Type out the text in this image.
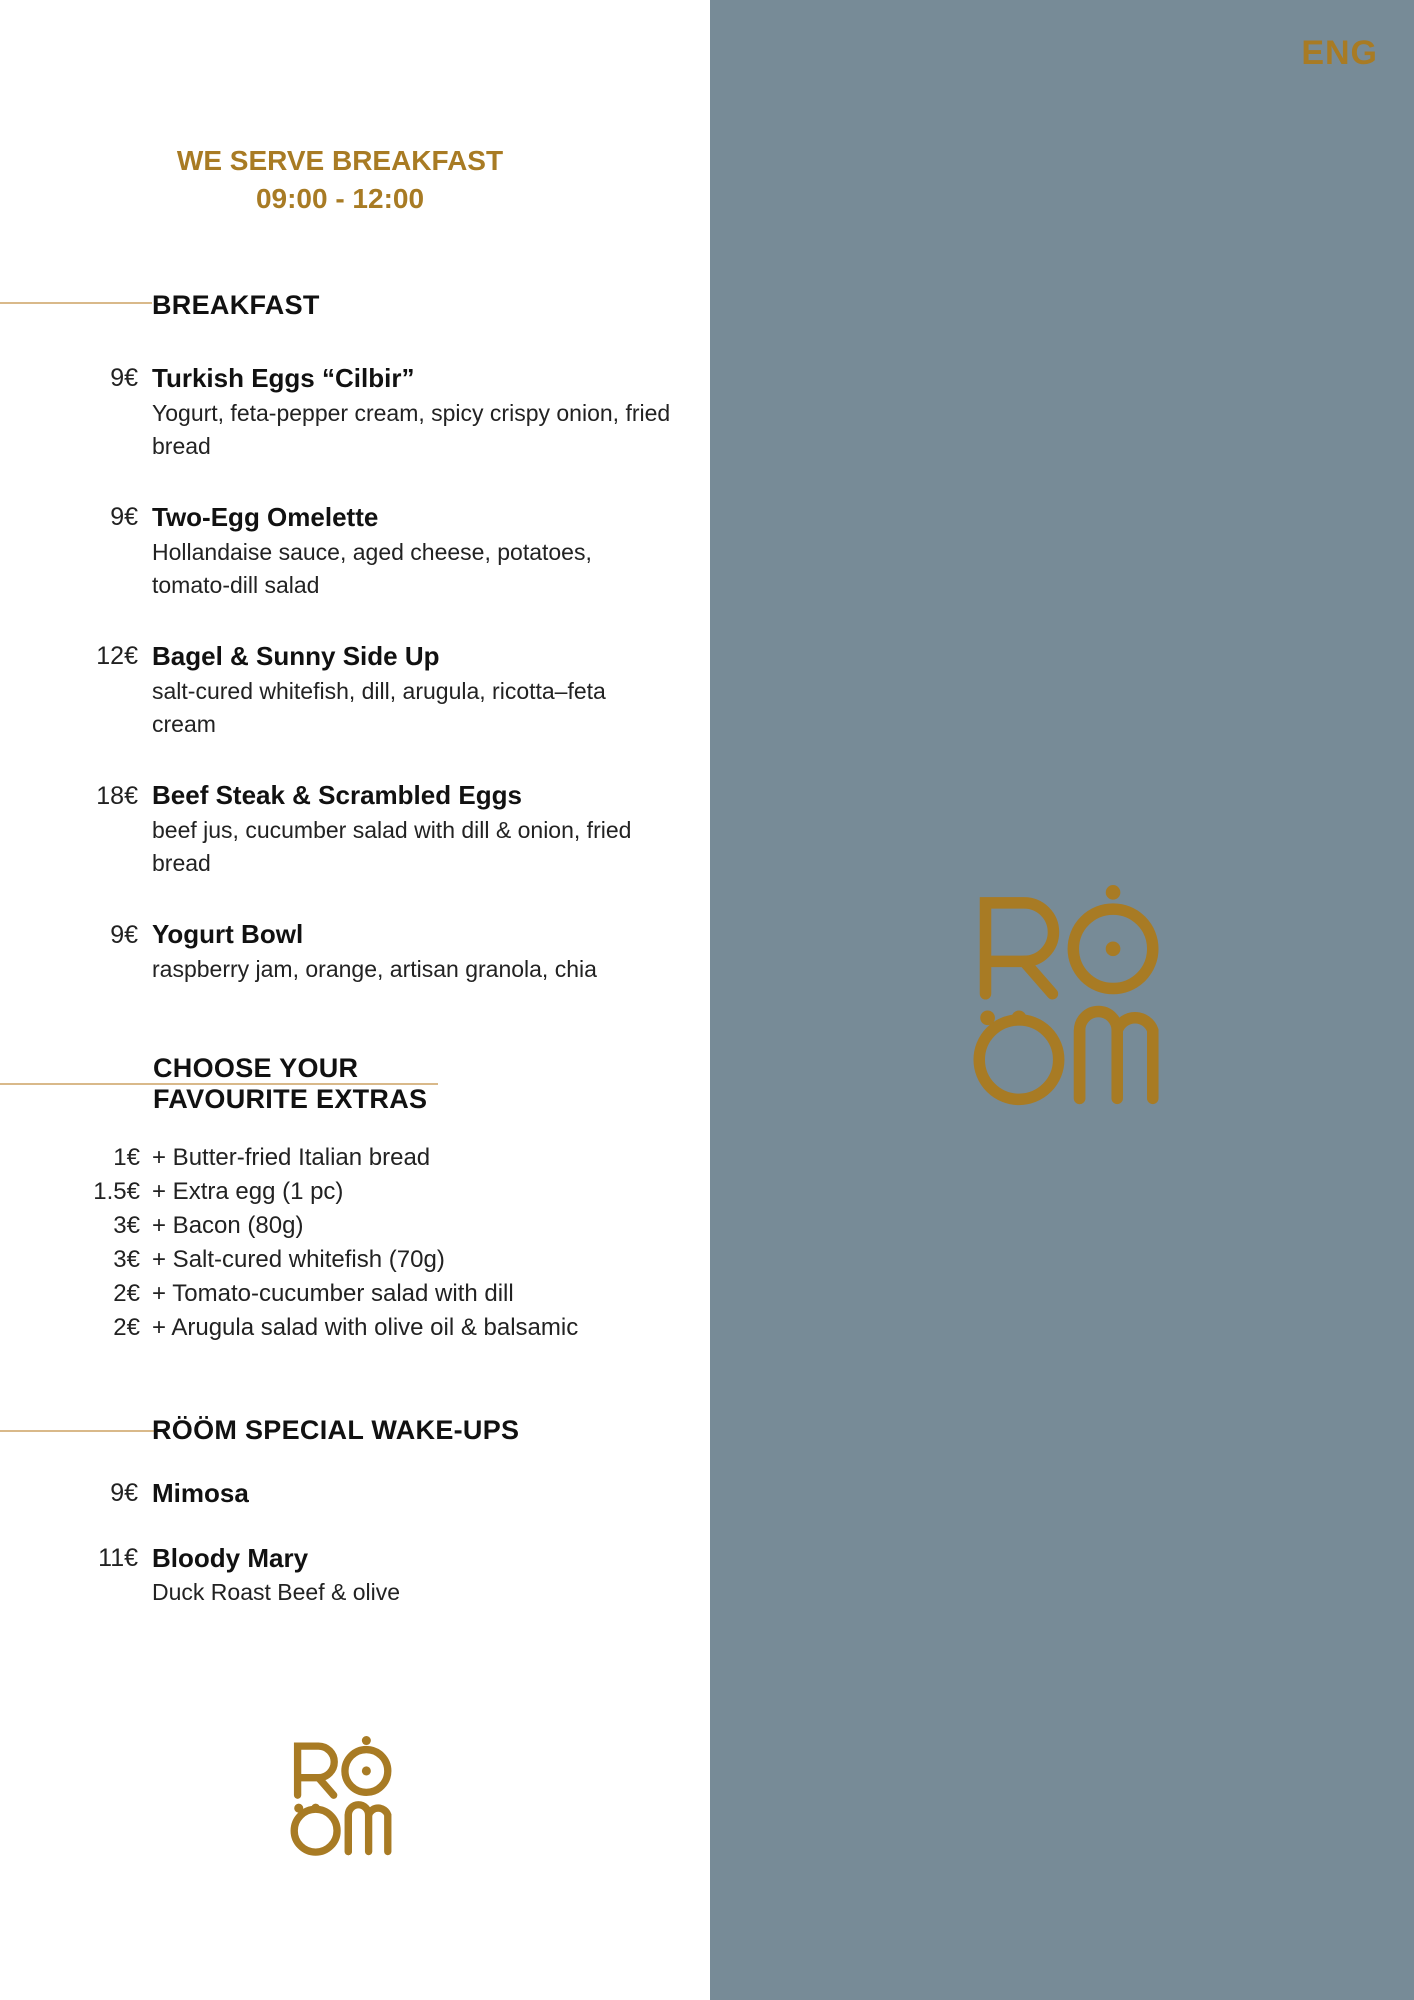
WE SERVE BREAKFAST
09:00 - 12:00
BREAKFAST
9€ Turkish Eggs “Cilbir”
Yogurt, feta-pepper cream, spicy crispy onion, fried bread
9€ Two-Egg Omelette
Hollandaise sauce, aged cheese, potatoes, tomato-dill salad
12€ Bagel & Sunny Side Up
salt-cured whitefish, dill, arugula, ricotta–feta cream
18€ Beef Steak & Scrambled Eggs
beef jus, cucumber salad with dill & onion, fried bread
9€ Yogurt Bowl
raspberry jam, orange, artisan granola, chia
CHOOSE YOUR
FAVOURITE EXTRAS
1€ + Butter-fried Italian bread
1.5€ + Extra egg (1 pc)
3€ + Bacon (80g)
3€ + Salt-cured whitefish (70g)
2€ + Tomato-cucumber salad with dill
2€ + Arugula salad with olive oil & balsamic
RÖÖM SPECIAL WAKE-UPS
9€ Mimosa
11€ Bloody Mary
Duck Roast Beef & olive
ENG
